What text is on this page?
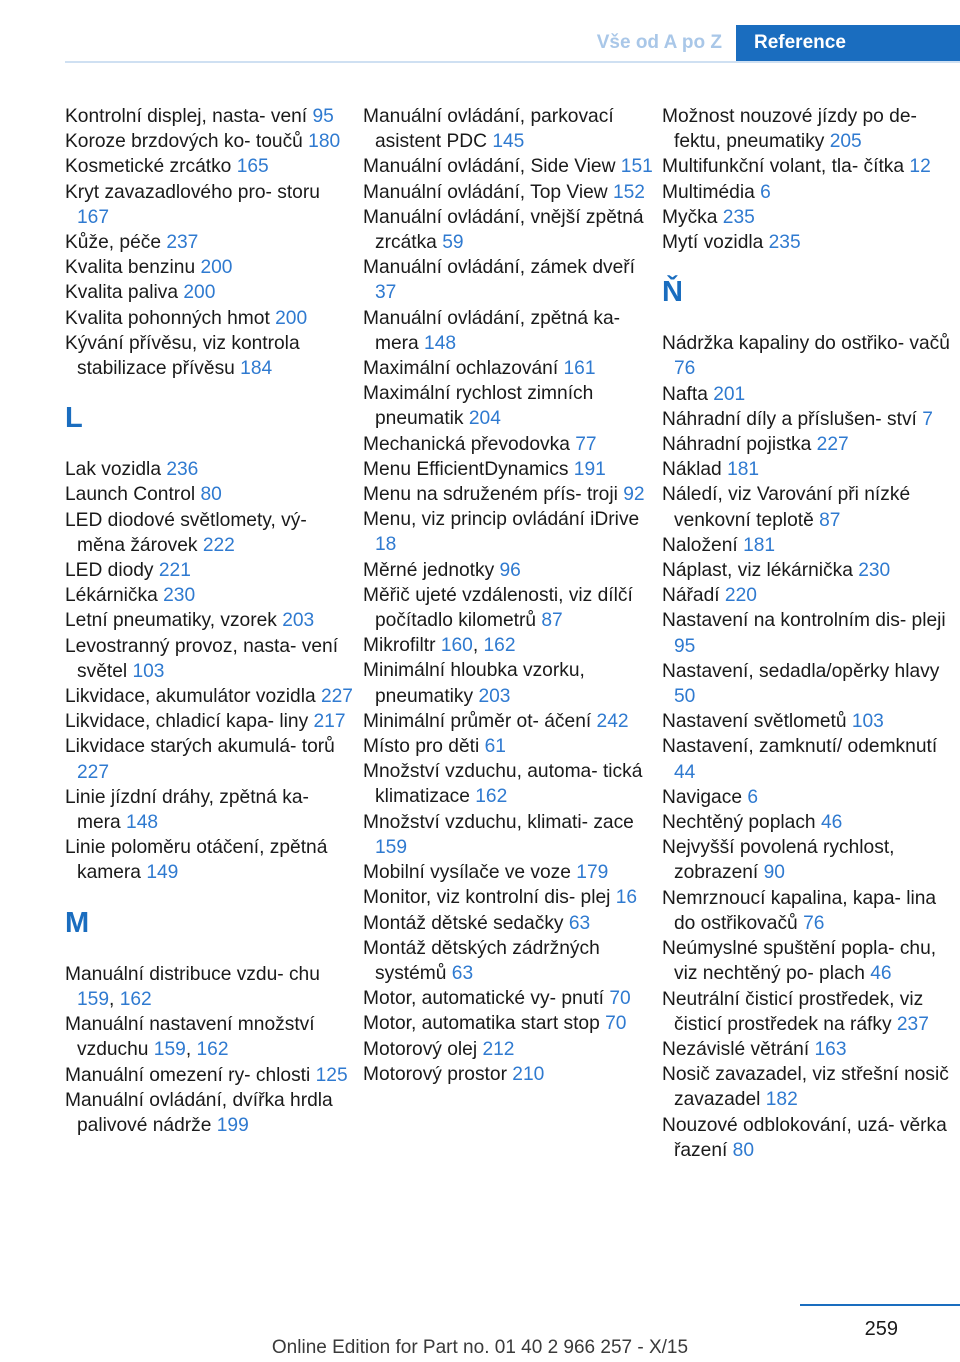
Vše od A po Z	Reference
Kontrolní displej, nasta‐ vení 95
Koroze brzdových ko‐ toučů 180
Kosmetické zrcátko 165
Kryt zavazadlového pro‐ storu 167
Kůže, péče 237
Kvalita benzinu 200
Kvalita paliva 200
Kvalita pohonných hmot 200
Kývání přívěsu, viz kontrola stabilizace přívěsu 184
L
Lak vozidla 236
Launch Control 80
LED diodové světlomety, vý‐ měna žárovek 222
LED diody 221
Lékárnička 230
Letní pneumatiky, vzorek 203
Levostranný provoz, nasta‐ vení světel 103
Likvidace, akumulátor vozidla 227
Likvidace, chladicí kapa‐ liny 217
Likvidace starých akumulá‐ torů 227
Linie jízdní dráhy, zpětná ka‐ mera 148
Linie poloměru otáčení, zpětná kamera 149
M
Manuální distribuce vzdu‐ chu 159, 162
Manuální nastavení množství vzduchu 159, 162
Manuální omezení ry‐ chlosti 125
Manuální ovládání, dvířka hrdla palivové nádrže 199
Manuální ovládání, parkovací asistent PDC 145
Manuální ovládání, Side View 151
Manuální ovládání, Top View 152
Manuální ovládání, vnější zpětná zrcátka 59
Manuální ovládání, zámek dveří 37
Manuální ovládání, zpětná ka‐ mera 148
Maximální ochlazování 161
Maximální rychlost zimních pneumatik 204
Mechanická převodovka 77
Menu EfficientDynamics 191
Menu na sdruženém pŕís‐ troji 92
Menu, viz princip ovládání iDrive 18
Měrné jednotky 96
Měřič ujeté vzdálenosti, viz dílčí počítadlo kilometrů 87
Mikrofiltr 160, 162
Minimální hloubka vzorku, pneumatiky 203
Minimální průměr ot‐ áčení 242
Místo pro děti 61
Množství vzduchu, automa‐ tická klimatizace 162
Množství vzduchu, klimati‐ zace 159
Mobilní vysílače ve voze 179
Monitor, viz kontrolní dis‐ plej 16
Montáž dětské sedačky 63
Montáž dětských zádržných systémů 63
Motor, automatické vy‐ pnutí 70
Motor, automatika start stop 70
Motorový olej 212
Motorový prostor 210
Možnost nouzové jízdy po de‐ fektu, pneumatiky 205
Multifunkční volant, tla‐ čítka 12
Multimédia 6
Myčka 235
Mytí vozidla 235
Ň
Nádržka kapaliny do ostřiko‐ vačů 76
Nafta 201
Náhradní díly a příslušen‐ ství 7
Náhradní pojistka 227
Náklad 181
Náledí, viz Varování při nízké venkovní teplotě 87
Naložení 181
Náplast, viz lékárnička 230
Nářadí 220
Nastavení na kontrolním dis‐ pleji 95
Nastavení, sedadla/opěrky hlavy 50
Nastavení světlometů 103
Nastavení, zamknutí/ odemknutí 44
Navigace 6
Nechtěný poplach 46
Nejvyšší povolená rychlost, zobrazení 90
Nemrznoucí kapalina, kapa‐ lina do ostřikovačů 76
Neúmyslné spuštění popla‐ chu, viz nechtěný po‐ plach 46
Neutrální čisticí prostředek, viz čisticí prostředek na ráfky 237
Nezávislé větrání 163
Nosič zavazadel, viz střešní nosič zavazadel 182
Nouzové odblokování, uzá‐ věrka řazení 80
259
Online Edition for Part no. 01 40 2 966 257 - X/15
